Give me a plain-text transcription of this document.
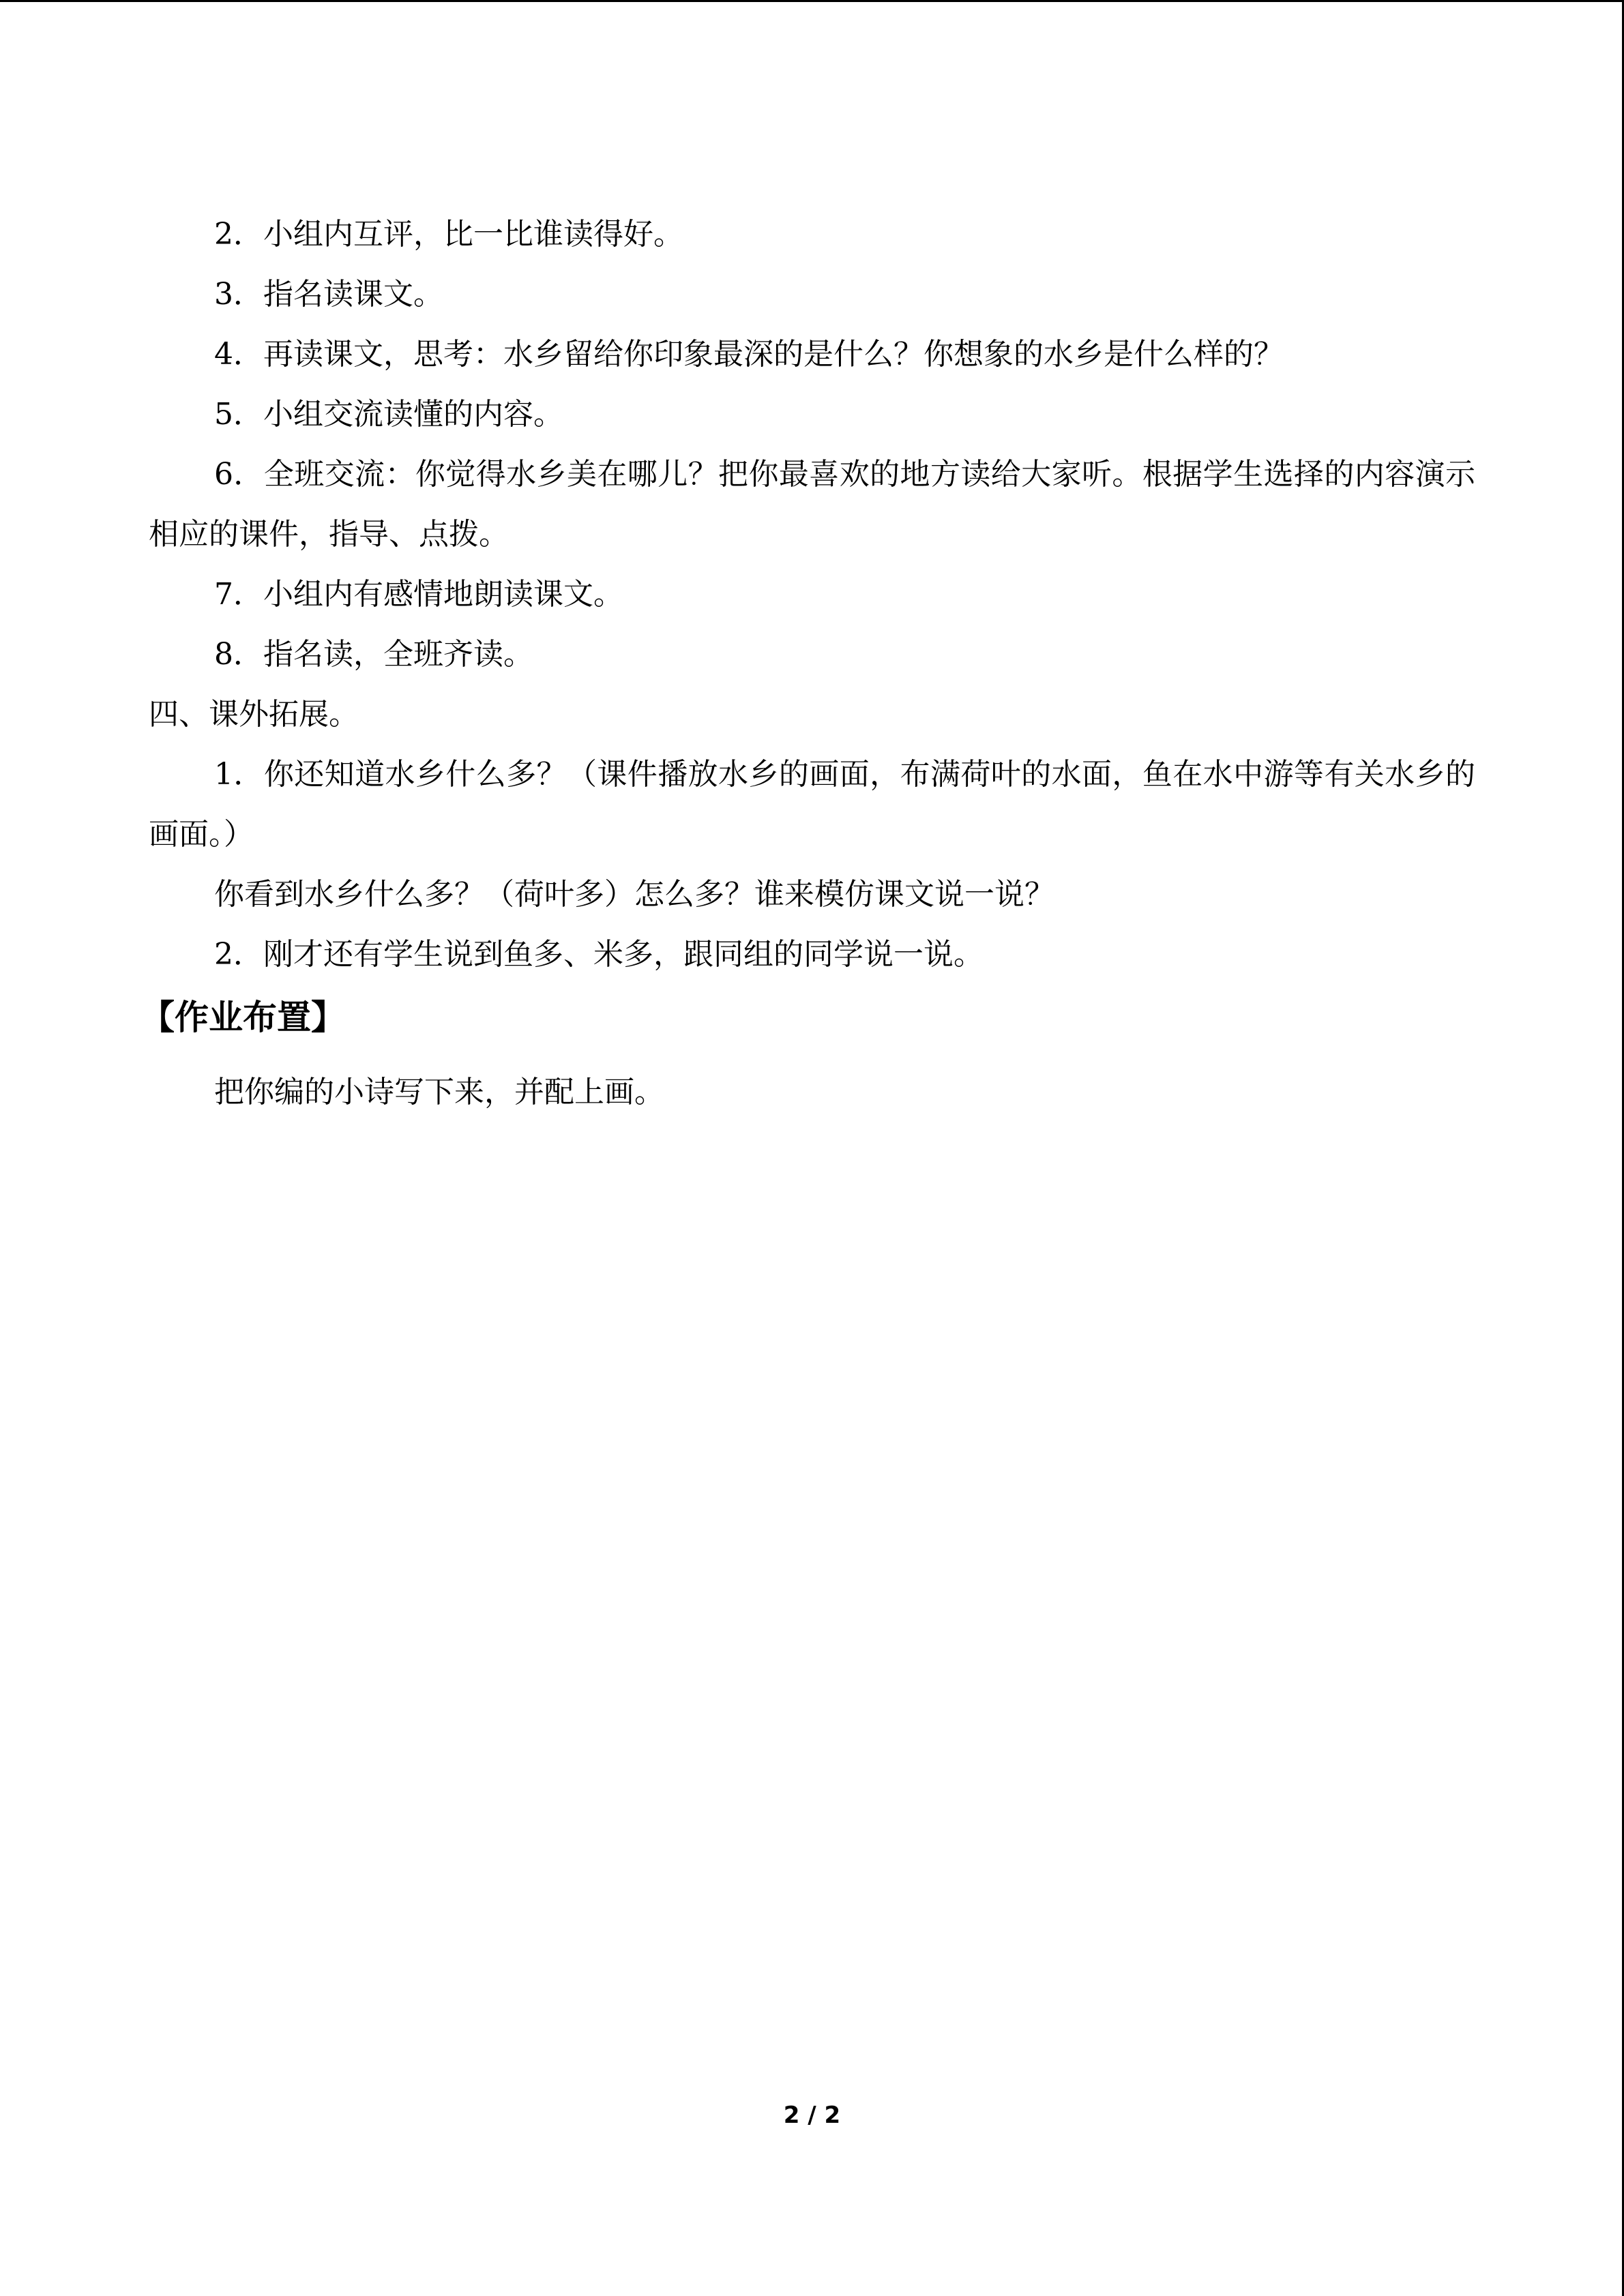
2．小组内互评，比一比谁读得好。

3．指名读课文。

4．再读课文，思考：水乡留给你印象最深的是什么？你想象的水乡是什么样的？

5．小组交流读懂的内容。

6．全班交流：你觉得水乡美在哪儿？把你最喜欢的地方读给大家听。根据学生选择的内容演示相应的课件，指导、点拨。

7．小组内有感情地朗读课文。

8．指名读，全班齐读。

四、课外拓展。

1．你还知道水乡什么多？（课件播放水乡的画面，布满荷叶的水面，鱼在水中游等有关水乡的画面。）

你看到水乡什么多？（荷叶多）怎么多？谁来模仿课文说一说？

2．刚才还有学生说到鱼多、米多，跟同组的同学说一说。

【作业布置】

把你编的小诗写下来，并配上画。

2 / 2
